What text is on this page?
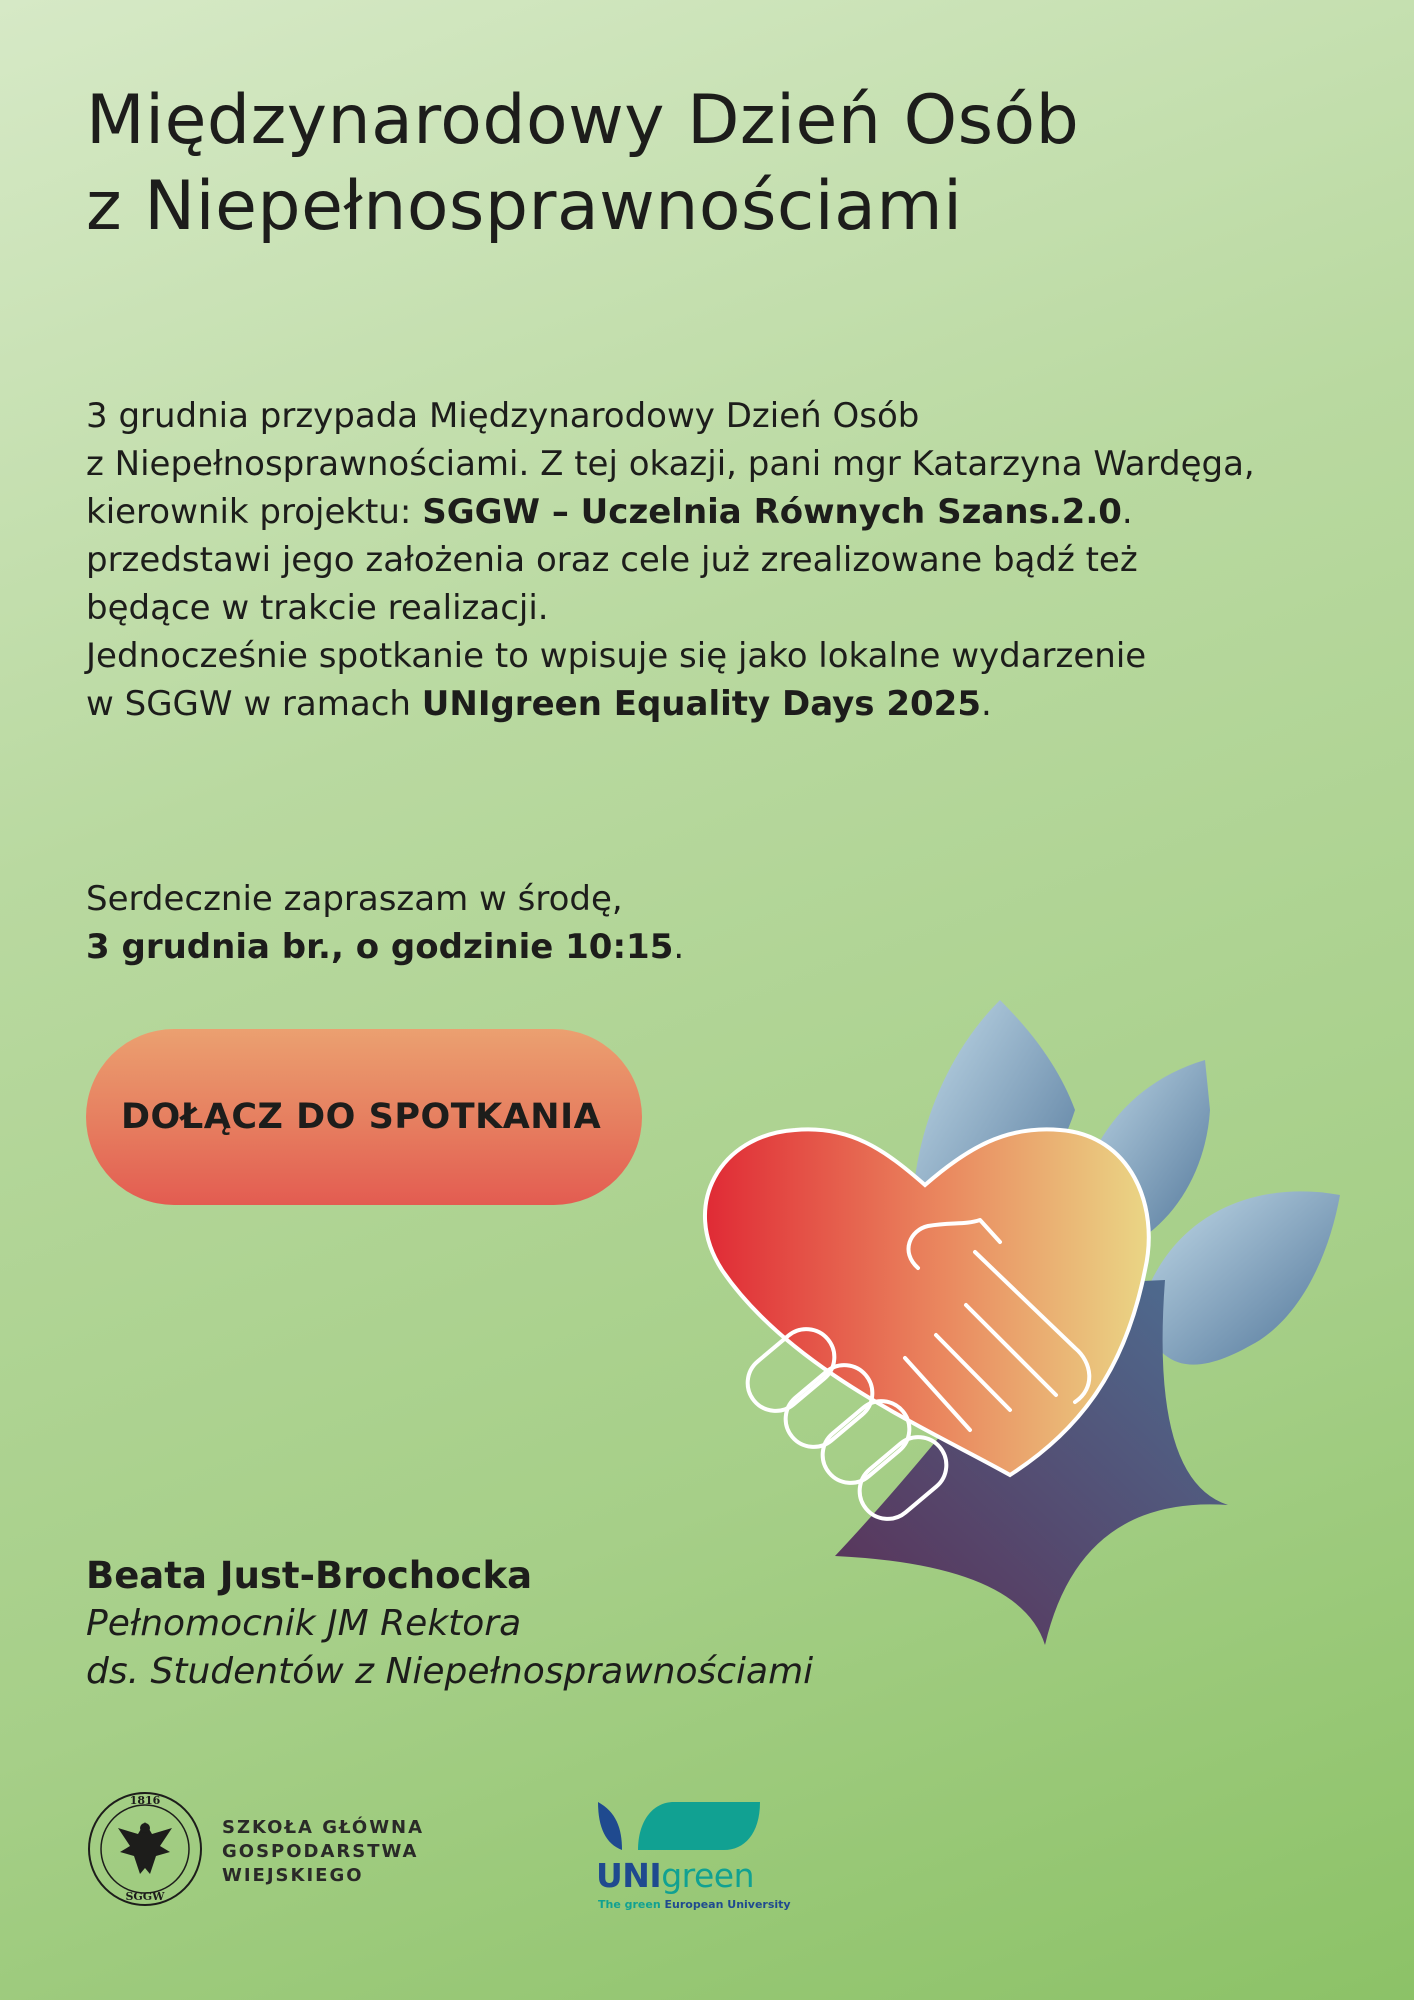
Międzynarodowy Dzień Osób
z Niepełnosprawnościami
3 grudnia przypada Międzynarodowy Dzień Osób
z Niepełnosprawnościami. Z tej okazji, pani mgr Katarzyna Wardęga,
kierownik projektu: SGGW – Uczelnia Równych Szans.2.0.
przedstawi jego założenia oraz cele już zrealizowane bądź też
będące w trakcie realizacji.
Jednocześnie spotkanie to wpisuje się jako lokalne wydarzenie
w SGGW w ramach UNIgreen Equality Days 2025.
Serdecznie zapraszam w środę,
3 grudnia br., o godzinie 10:15.
DOŁĄCZ DO SPOTKANIA
Beata Just-Brochocka
Pełnomocnik JM Rektora
ds. Studentów z Niepełnosprawnościami
1816
SGGW
SZKOŁA GŁÓWNA
GOSPODARSTWA
WIEJSKIEGO	UNIgreen
The green European University
